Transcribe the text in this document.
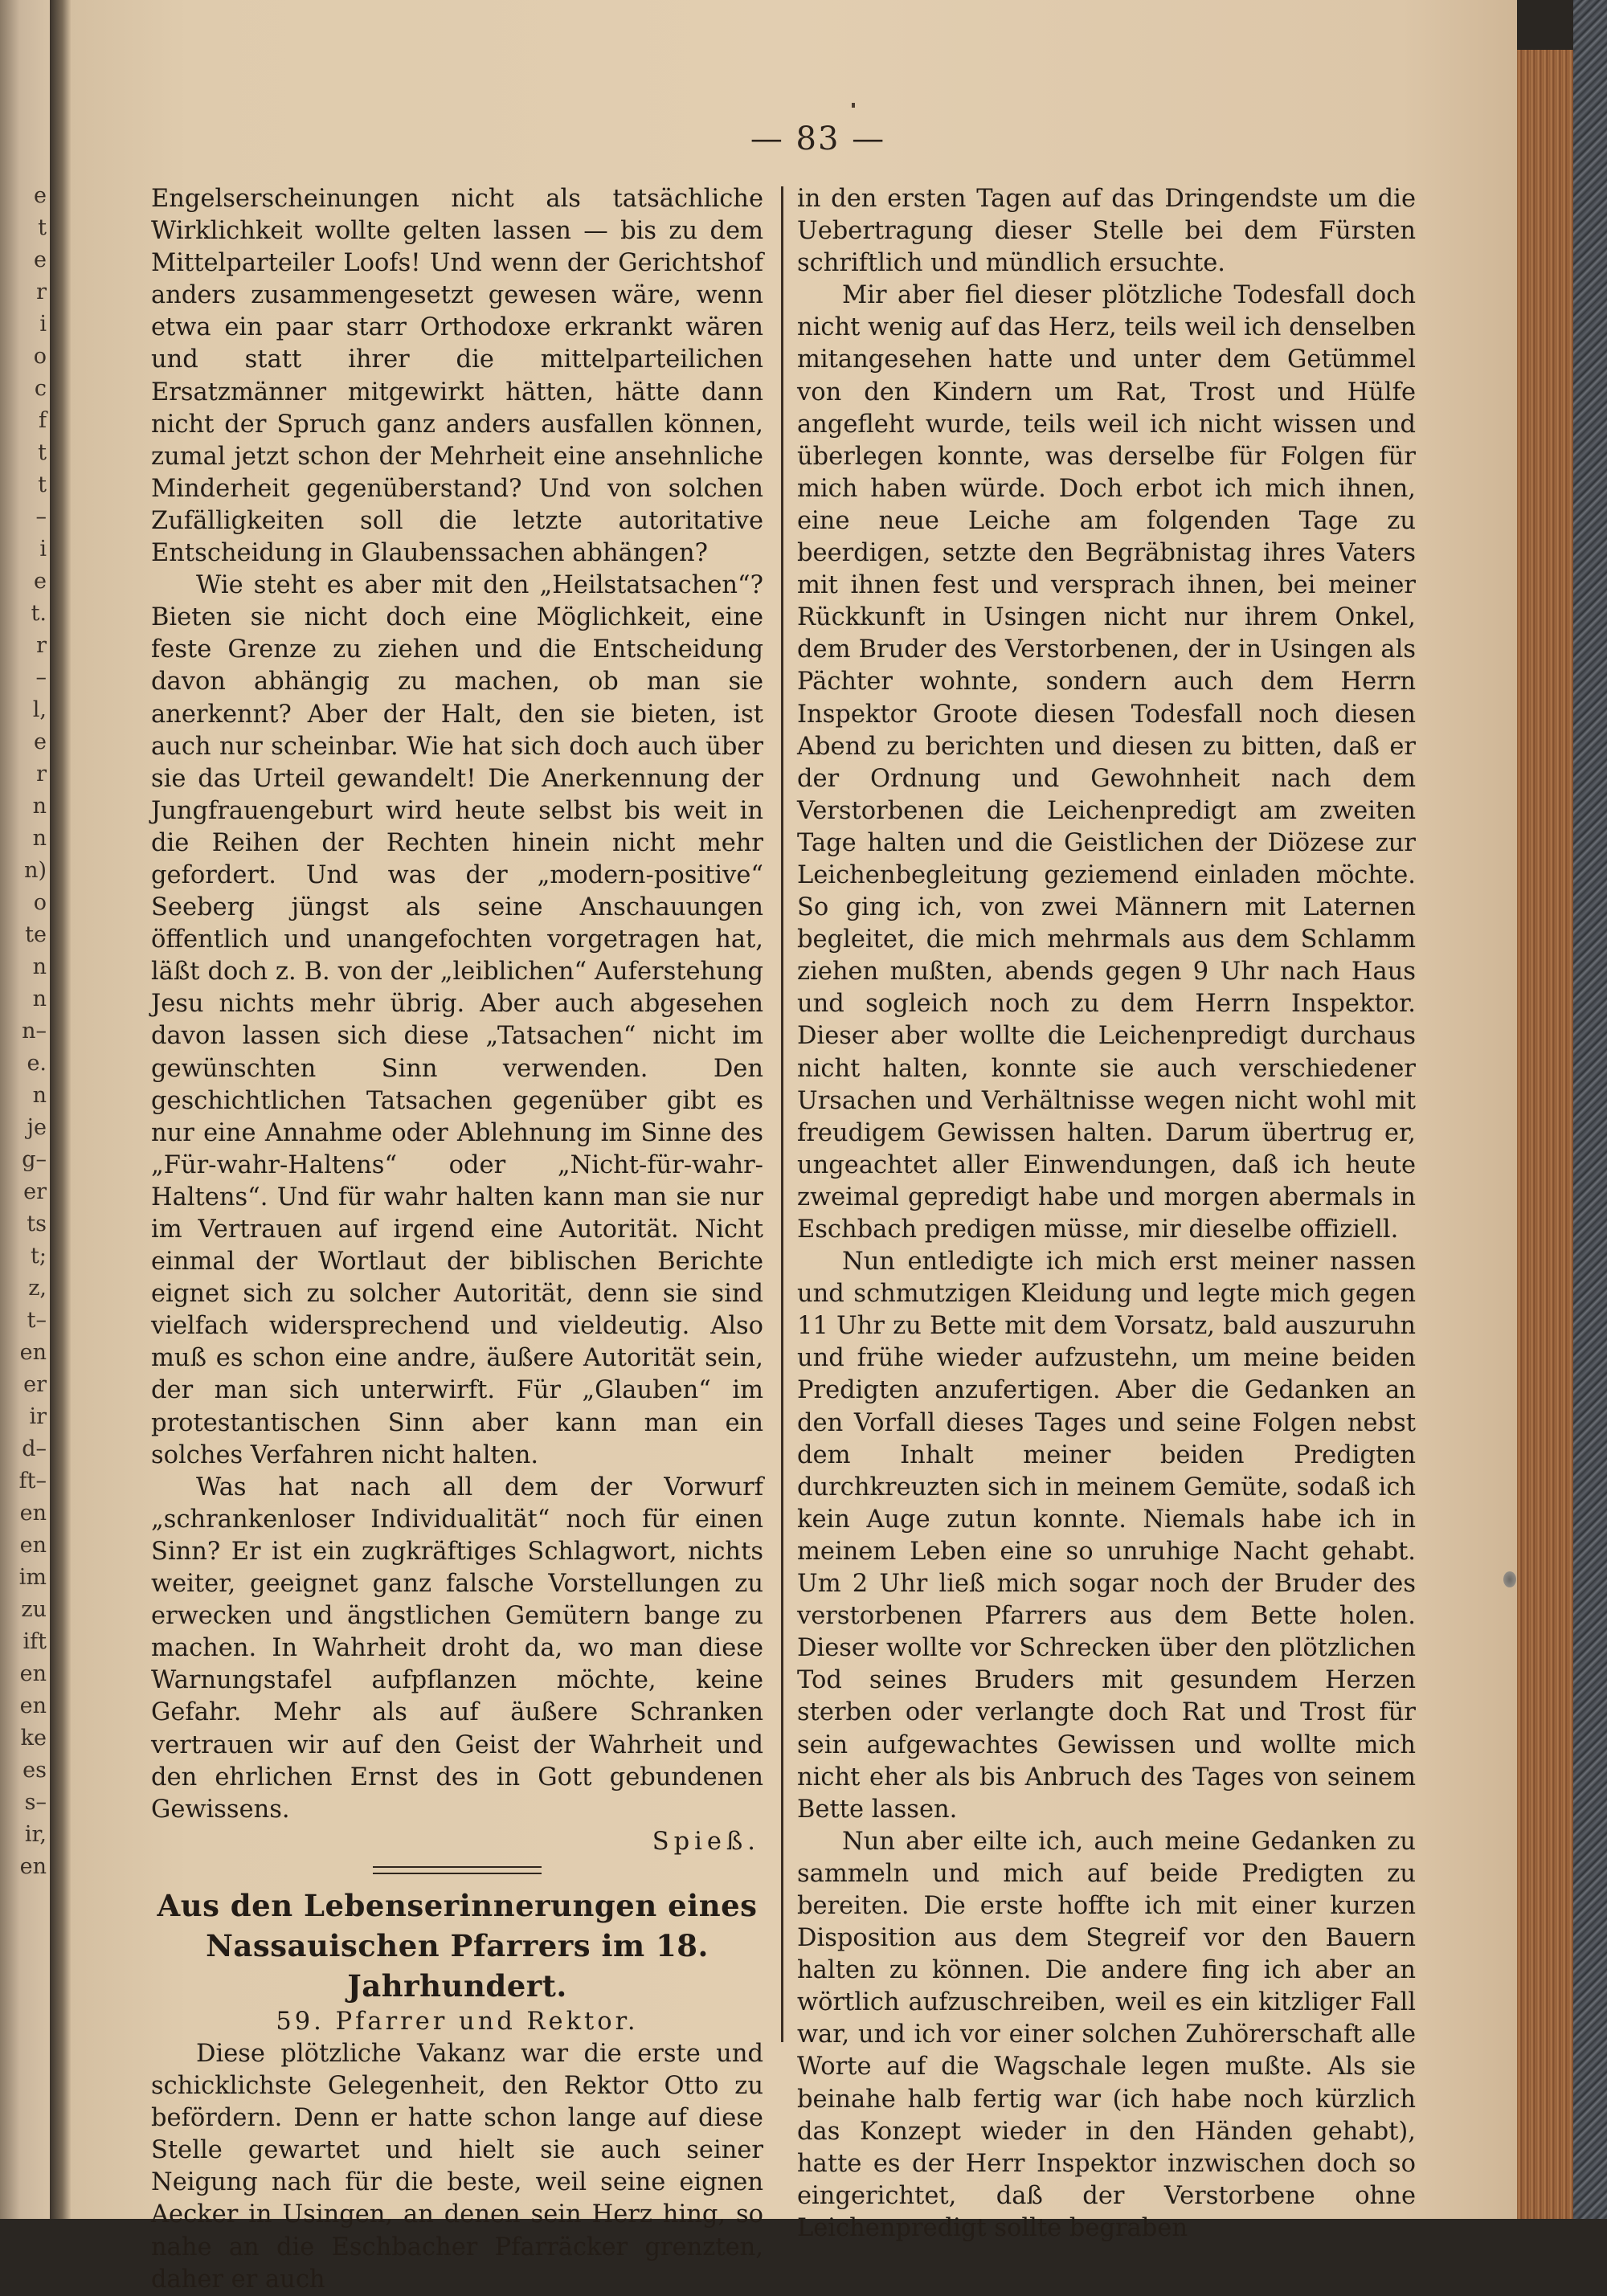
e
t
e
r
i
o
c
f
t
t
–
i
e
t.
r
–
l,
e
r
n
n
n)
o
te
n
n
n–
e.
n
je
g–
er
ts
t;
z,
t–
en
er
ir
d–
ft–
en
en
im
zu
ift
en
en
ke
es
s–
ir,
en
— 83 —

Engelserscheinungen nicht als tatsächliche Wirklichkeit wollte gelten lassen — bis zu dem Mittelparteiler Loofs! Und wenn der Gerichtshof anders zusammengesetzt gewesen wäre, wenn etwa ein paar starr Orthodoxe erkrankt wären und statt ihrer die mittelparteilichen Ersatzmänner mitgewirkt hätten, hätte dann nicht der Spruch ganz anders ausfallen können, zumal jetzt schon der Mehrheit eine ansehnliche Minderheit gegenüberstand? Und von solchen Zufälligkeiten soll die letzte autoritative Entscheidung in Glaubenssachen abhängen?

Wie steht es aber mit den „Heilstatsachen“? Bieten sie nicht doch eine Möglichkeit, eine feste Grenze zu ziehen und die Entscheidung davon abhängig zu machen, ob man sie anerkennt? Aber der Halt, den sie bieten, ist auch nur scheinbar. Wie hat sich doch auch über sie das Urteil gewandelt! Die Anerkennung der Jungfrauengeburt wird heute selbst bis weit in die Reihen der Rechten hinein nicht mehr gefordert. Und was der „modern-positive“ Seeberg jüngst als seine Anschauungen öffentlich und unangefochten vorgetragen hat, läßt doch z. B. von der „leiblichen“ Auferstehung Jesu nichts mehr übrig. Aber auch abgesehen davon lassen sich diese „Tatsachen“ nicht im gewünschten Sinn verwenden. Den geschichtlichen Tatsachen gegenüber gibt es nur eine Annahme oder Ablehnung im Sinne des „Für-wahr-Haltens“ oder „Nicht-für-wahr-Haltens“. Und für wahr halten kann man sie nur im Vertrauen auf irgend eine Autorität. Nicht einmal der Wortlaut der biblischen Berichte eignet sich zu solcher Autorität, denn sie sind vielfach widersprechend und vieldeutig. Also muß es schon eine andre, äußere Autorität sein, der man sich unterwirft. Für „Glauben“ im protestantischen Sinn aber kann man ein solches Verfahren nicht halten.

Was hat nach all dem der Vorwurf „schrankenloser Individualität“ noch für einen Sinn? Er ist ein zugkräftiges Schlagwort, nichts weiter, geeignet ganz falsche Vorstellungen zu erwecken und ängstlichen Gemütern bange zu machen. In Wahrheit droht da, wo man diese Warnungstafel aufpflanzen möchte, keine Gefahr. Mehr als auf äußere Schranken vertrauen wir auf den Geist der Wahrheit und den ehrlichen Ernst des in Gott gebundenen Gewissens.

Spieß.

Aus den Lebenserinnerungen eines Nassauischen Pfarrers im 18. Jahrhundert.

59. Pfarrer und Rektor.

Diese plötzliche Vakanz war die erste und schicklichste Gelegenheit, den Rektor Otto zu befördern. Denn er hatte schon lange auf diese Stelle gewartet und hielt sie auch seiner Neigung nach für die beste, weil seine eignen Aecker in Usingen, an denen sein Herz hing, so nahe an die Eschbacher Pfarräcker grenzten, daher er auch

in den ersten Tagen auf das Dringendste um die Uebertragung dieser Stelle bei dem Fürsten schriftlich und mündlich ersuchte.

Mir aber fiel dieser plötzliche Todesfall doch nicht wenig auf das Herz, teils weil ich denselben mitangesehen hatte und unter dem Getümmel von den Kindern um Rat, Trost und Hülfe angefleht wurde, teils weil ich nicht wissen und überlegen konnte, was derselbe für Folgen für mich haben würde. Doch erbot ich mich ihnen, eine neue Leiche am folgenden Tage zu beerdigen, setzte den Begräbnistag ihres Vaters mit ihnen fest und versprach ihnen, bei meiner Rückkunft in Usingen nicht nur ihrem Onkel, dem Bruder des Verstorbenen, der in Usingen als Pächter wohnte, sondern auch dem Herrn Inspektor Groote diesen Todesfall noch diesen Abend zu berichten und diesen zu bitten, daß er der Ordnung und Gewohnheit nach dem Verstorbenen die Leichenpredigt am zweiten Tage halten und die Geistlichen der Diözese zur Leichenbegleitung geziemend einladen möchte. So ging ich, von zwei Männern mit Laternen begleitet, die mich mehrmals aus dem Schlamm ziehen mußten, abends gegen 9 Uhr nach Haus und sogleich noch zu dem Herrn Inspektor. Dieser aber wollte die Leichenpredigt durchaus nicht halten, konnte sie auch verschiedener Ursachen und Verhältnisse wegen nicht wohl mit freudigem Gewissen halten. Darum übertrug er, ungeachtet aller Einwendungen, daß ich heute zweimal gepredigt habe und morgen abermals in Eschbach predigen müsse, mir dieselbe offiziell.

Nun entledigte ich mich erst meiner nassen und schmutzigen Kleidung und legte mich gegen 11 Uhr zu Bette mit dem Vorsatz, bald auszuruhn und frühe wieder aufzustehn, um meine beiden Predigten anzufertigen. Aber die Gedanken an den Vorfall dieses Tages und seine Folgen nebst dem Inhalt meiner beiden Predigten durchkreuzten sich in meinem Gemüte, sodaß ich kein Auge zutun konnte. Niemals habe ich in meinem Leben eine so unruhige Nacht gehabt. Um 2 Uhr ließ mich sogar noch der Bruder des verstorbenen Pfarrers aus dem Bette holen. Dieser wollte vor Schrecken über den plötzlichen Tod seines Bruders mit gesundem Herzen sterben oder verlangte doch Rat und Trost für sein aufgewachtes Gewissen und wollte mich nicht eher als bis Anbruch des Tages von seinem Bette lassen.

Nun aber eilte ich, auch meine Gedanken zu sammeln und mich auf beide Predigten zu bereiten. Die erste hoffte ich mit einer kurzen Disposition aus dem Stegreif vor den Bauern halten zu können. Die andere fing ich aber an wörtlich aufzuschreiben, weil es ein kitzliger Fall war, und ich vor einer solchen Zuhörerschaft alle Worte auf die Wagschale legen mußte. Als sie beinahe halb fertig war (ich habe noch kürzlich das Konzept wieder in den Händen gehabt), hatte es der Herr Inspektor inzwischen doch so eingerichtet, daß der Verstorbene ohne Leichenpredigt sollte begraben
